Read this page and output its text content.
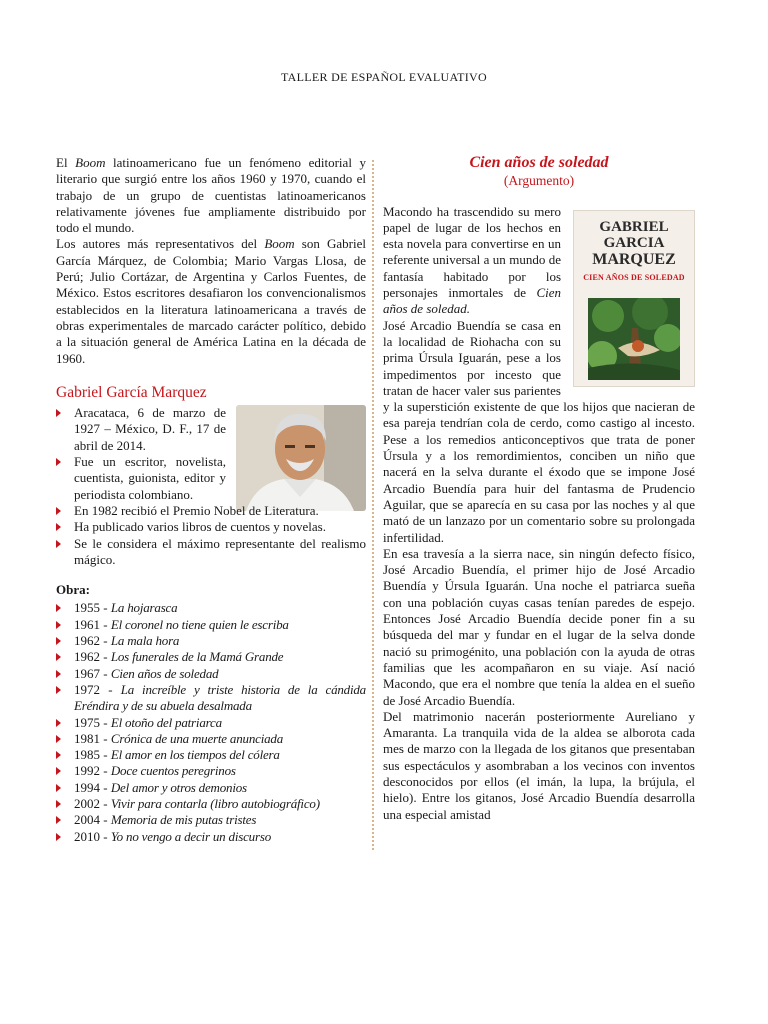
TALLER DE ESPAÑOL EVALUATIVO

El Boom latinoamericano fue un fenómeno editorial y literario que surgió entre los años 1960 y 1970, cuando el trabajo de un grupo de cuentistas latinoamericanos relativamente jóvenes fue ampliamente distribuido por todo el mundo.

Los autores más representativos del Boom son Gabriel García Márquez, de Colombia; Mario Vargas Llosa, de Perú; Julio Cortázar, de Argentina y Carlos Fuentes, de México. Estos escritores desafiaron los convencionalismos establecidos en la literatura latinoamericana a través de obras experimentales de marcado carácter político, debido a la situación general de América Latina en la década de 1960.

Gabriel García Marquez
Aracataca, 6 de marzo de 1927 – México, D. F., 17 de abril de 2014.
Fue un escritor, novelista, cuentista, guionista, editor y periodista colombiano.
En 1982 recibió el Premio Nobel de Literatura.
Ha publicado varios libros de cuentos y novelas.
Se le considera el máximo representante del realismo mágico.
Obra:
1955 - La hojarasca
1961 - El coronel no tiene quien le escriba
1962 - La mala hora
1962 - Los funerales de la Mamá Grande
1967 - Cien años de soledad
1972 - La increíble y triste historia de la cándida Eréndira y de su abuela desalmada
1975 - El otoño del patriarca
1981 - Crónica de una muerte anunciada
1985 - El amor en los tiempos del cólera
1992 - Doce cuentos peregrinos
1994 - Del amor y otros demonios
2002 - Vivir para contarla (libro autobiográfico)
2004 - Memoria de mis putas tristes
2010 - Yo no vengo a decir un discurso
Cien años de soledad
(Argumento)
GABRIEL
GARCIA
MARQUEZ
CIEN AÑOS DE SOLEDAD

Macondo ha trascendido su mero papel de lugar de los hechos en esta novela para convertirse en un referente universal a un mundo de fantasía habitado por los personajes inmortales de Cien años de soledad.

José Arcadio Buendía se casa en la localidad de Riohacha con su prima Úrsula Iguarán, pese a los impedimentos por incesto que tratan de hacer valer sus parientes y la superstición existente de que los hijos que nacieran de esa pareja tendrían cola de cerdo, como castigo al incesto. Pese a los remedios anticonceptivos que trata de poner Úrsula y a los remordimientos, conciben un niño que nacerá en la selva durante el éxodo que se impone José Arcadio Buendía para huir del fantasma de Prudencio Aguilar, que se aparecía en su casa por las noches y al que mató de un lanzazo por un comentario sobre su prolongada infertilidad.

En esa travesía a la sierra nace, sin ningún defecto físico, José Arcadio Buendía, el primer hijo de José Arcadio Buendía y Úrsula Iguarán. Una noche el patriarca sueña con una población cuyas casas tenían paredes de espejo. Entonces José Arcadio Buendía decide poner fin a su búsqueda del mar y fundar en el lugar de la selva donde nació su primogénito, una población con la ayuda de otras familias que les acompañaron en su viaje. Así nació Macondo, que era el nombre que tenía la aldea en el sueño de José Arcadio Buendía.

Del matrimonio nacerán posteriormente Aureliano y Amaranta. La tranquila vida de la aldea se alborota cada mes de marzo con la llegada de los gitanos que presentaban sus espectáculos y asombraban a los vecinos con inventos desconocidos por ellos (el imán, la lupa, la brújula, el hielo). Entre los gitanos, José Arcadio Buendía desarrolla una especial amistad
